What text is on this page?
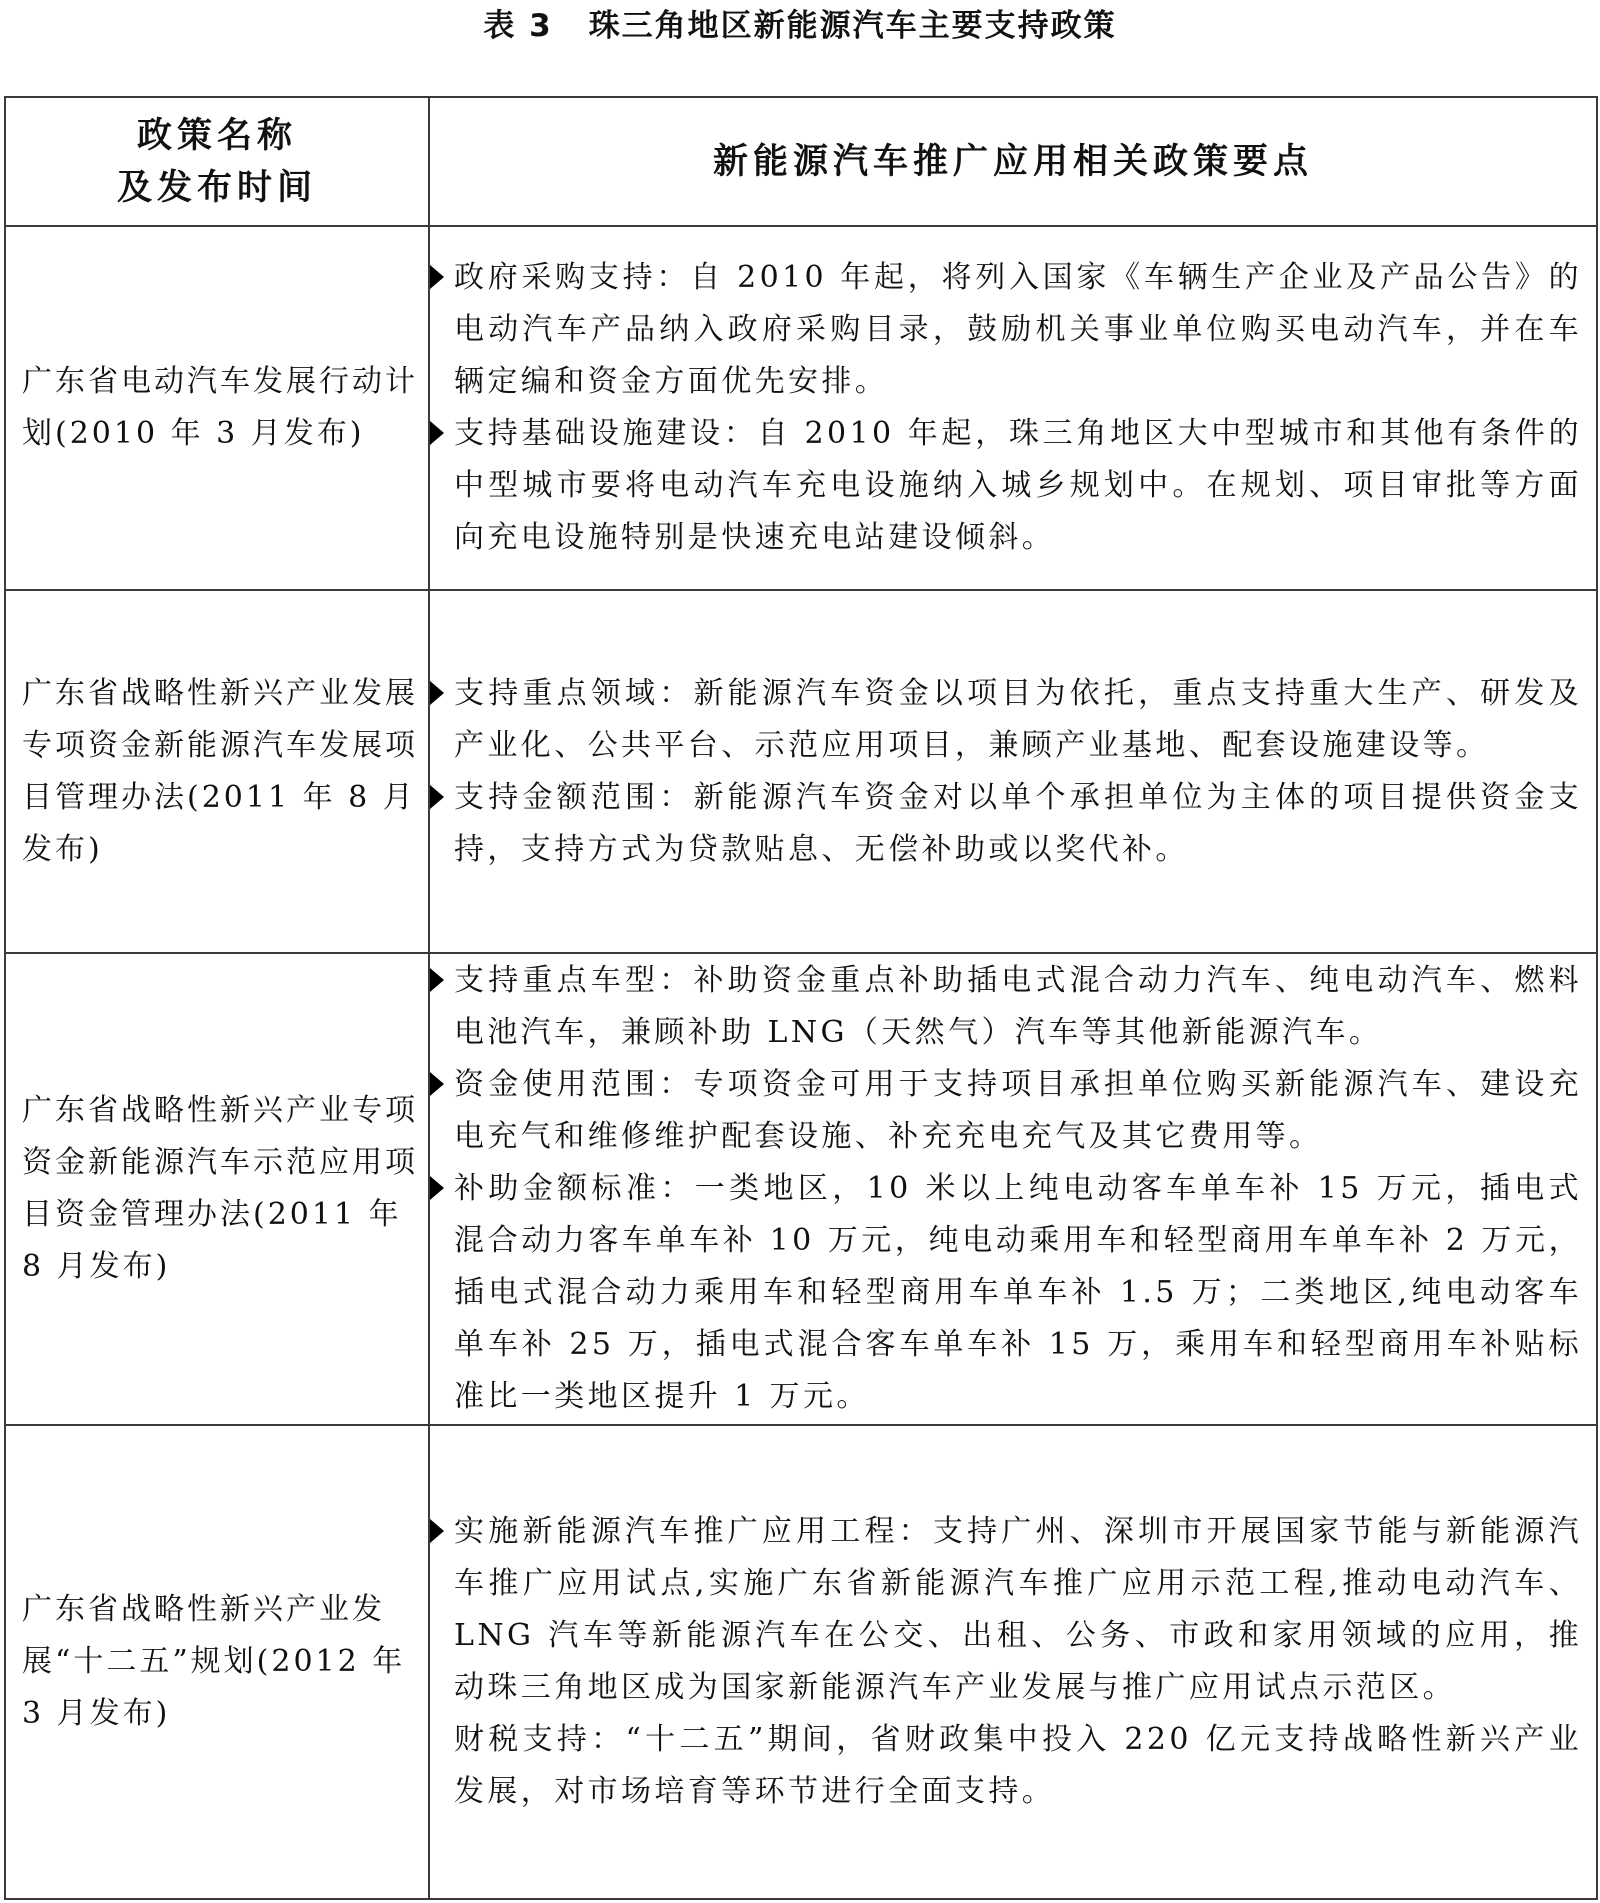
表 3 珠三角地区新能源汽车主要支持政策
政策名称
及发布时间	新能源汽车推广应用相关政策要点
广东省电动汽车发展行动计划(2010 年 3 月发布)	政府采购支持：自 2010 年起，将列入国家《车辆生产企业及产品公告》的电动汽车产品纳入政府采购目录，鼓励机关事业单位购买电动汽车，并在车辆定编和资金方面优先安排。
支持基础设施建设：自 2010 年起，珠三角地区大中型城市和其他有条件的中型城市要将电动汽车充电设施纳入城乡规划中。在规划、项目审批等方面向充电设施特别是快速充电站建设倾斜。

广东省战略性新兴产业发展专项资金新能源汽车发展项目管理办法(2011 年 8 月发布)	支持重点领域：新能源汽车资金以项目为依托，重点支持重大生产、研发及产业化、公共平台、示范应用项目，兼顾产业基地、配套设施建设等。
支持金额范围：新能源汽车资金对以单个承担单位为主体的项目提供资金支持，支持方式为贷款贴息、无偿补助或以奖代补。

广东省战略性新兴产业专项资金新能源汽车示范应用项目资金管理办法(2011 年 8 月发布)	支持重点车型：补助资金重点补助插电式混合动力汽车、纯电动汽车、燃料电池汽车，兼顾补助 LNG（天然气）汽车等其他新能源汽车。
资金使用范围：专项资金可用于支持项目承担单位购买新能源汽车、建设充电充气和维修维护配套设施、补充充电充气及其它费用等。
补助金额标准：一类地区，10 米以上纯电动客车单车补 15 万元，插电式混合动力客车单车补 10 万元，纯电动乘用车和轻型商用车单车补 2 万元，插电式混合动力乘用车和轻型商用车单车补 1.5 万；二类地区,纯电动客车单车补 25 万，插电式混合客车单车补 15 万，乘用车和轻型商用车补贴标准比一类地区提升 1 万元。

广东省战略性新兴产业发展“十二五”规划(2012 年 3 月发布)	实施新能源汽车推广应用工程：支持广州、深圳市开展国家节能与新能源汽车推广应用试点,实施广东省新能源汽车推广应用示范工程,推动电动汽车、LNG 汽车等新能源汽车在公交、出租、公务、市政和家用领域的应用，推动珠三角地区成为国家新能源汽车产业发展与推广应用试点示范区。
财税支持：“十二五”期间，省财政集中投入 220 亿元支持战略性新兴产业发展，对市场培育等环节进行全面支持。
